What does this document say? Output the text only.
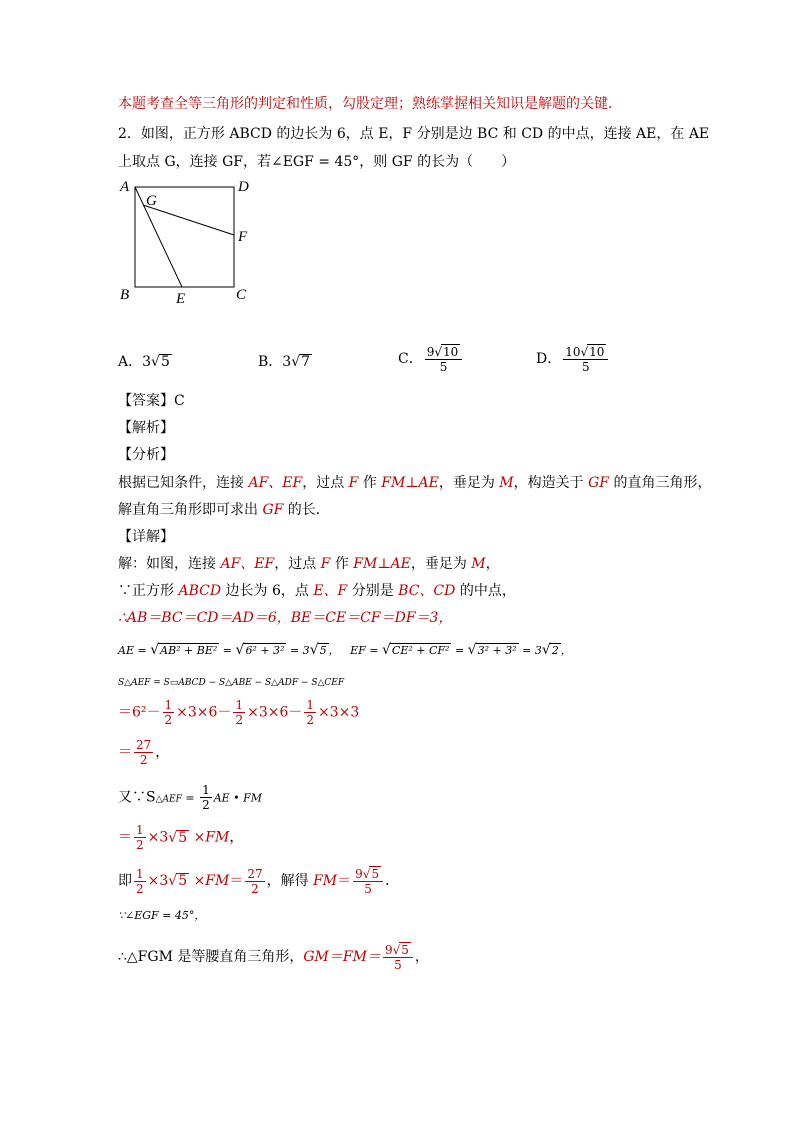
本题考查全等三角形的判定和性质，勾股定理；熟练掌握相关知识是解题的关键．
2．如图，正方形 ABCD 的边长为 6，点 E，F 分别是边 BC 和 CD 的中点，连接 AE，在 AE
上取点 G，连接 GF，若∠EGF = 45°，则 GF 的长为（　　）
A	D
G
F
B	E	C
A．3√5	B．3√7	C． $\frac{9√10}{5}$	D． $\frac{10√10}{5}$
【答案】C
【解析】
【分析】
根据已知条件，连接 AF、EF，过点 F 作 FM⊥AE，垂足为 M，构造关于 GF 的直角三角形，
解直角三角形即可求出 GF 的长．
【详解】
解：如图，连接 AF、EF，过点 F 作 FM⊥AE，垂足为 M，
∵正方形 ABCD 边长为 6，点 E、F 分别是 BC、CD 的中点，
∴AB＝BC＝CD＝AD＝6，BE＝CE＝CF＝DF＝3，
AE = √AB² + BE² = √6² + 3² = 3√5 ，   EF = √CE² + CF² = √3² + 3² = 3√2 ，
S△AEF = S▭ABCD − S△ABE − S△ADF − S△CEF
$=6^2- \frac{1}{2} \times 3\times 6- \frac{1}{2} \times 3\times 6- \frac{1}{2} \times 3\times 3$
＝ $\frac{27}{2}$ ，
又∵S△AEF = $\frac{1}{2}$ AE • FM
＝ $\frac{1}{2} \times 3√5 \times FM$，
即 $\frac{1}{2} \times 3√5 \times FM= \frac{27}{2}$ ，解得 $FM= \frac{9√5}{5}$ ．
∵∠EGF = 45°，
∴△FGM 是等腰直角三角形，$GM=FM= \frac{9√5}{5}$ ，
